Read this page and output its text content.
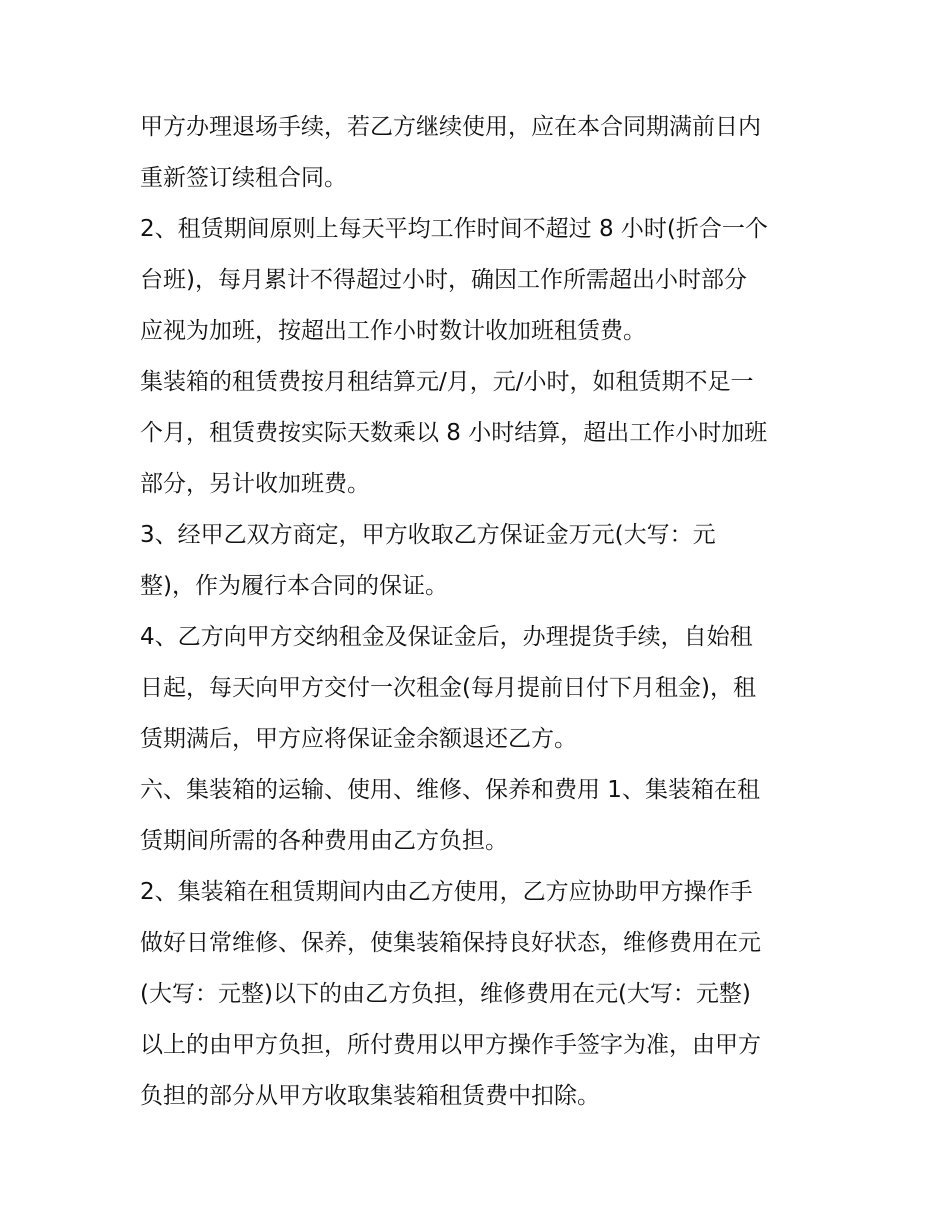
甲方办理退场手续，若乙方继续使用，应在本合同期满前日内
重新签订续租合同。
2、租赁期间原则上每天平均工作时间不超过 8 小时(折合一个
台班)，每月累计不得超过小时，确因工作所需超出小时部分
应视为加班，按超出工作小时数计收加班租赁费。
集装箱的租赁费按月租结算元/月，元/小时，如租赁期不足一
个月，租赁费按实际天数乘以 8 小时结算，超出工作小时加班
部分，另计收加班费。
3、经甲乙双方商定，甲方收取乙方保证金万元(大写：元
整)，作为履行本合同的保证。
4、乙方向甲方交纳租金及保证金后，办理提货手续，自始租
日起，每天向甲方交付一次租金(每月提前日付下月租金)，租
赁期满后，甲方应将保证金余额退还乙方。
六、集装箱的运输、使用、维修、保养和费用 1、集装箱在租
赁期间所需的各种费用由乙方负担。
2、集装箱在租赁期间内由乙方使用，乙方应协助甲方操作手
做好日常维修、保养，使集装箱保持良好状态，维修费用在元
(大写：元整)以下的由乙方负担，维修费用在元(大写：元整)
以上的由甲方负担，所付费用以甲方操作手签字为准，由甲方
负担的部分从甲方收取集装箱租赁费中扣除。
